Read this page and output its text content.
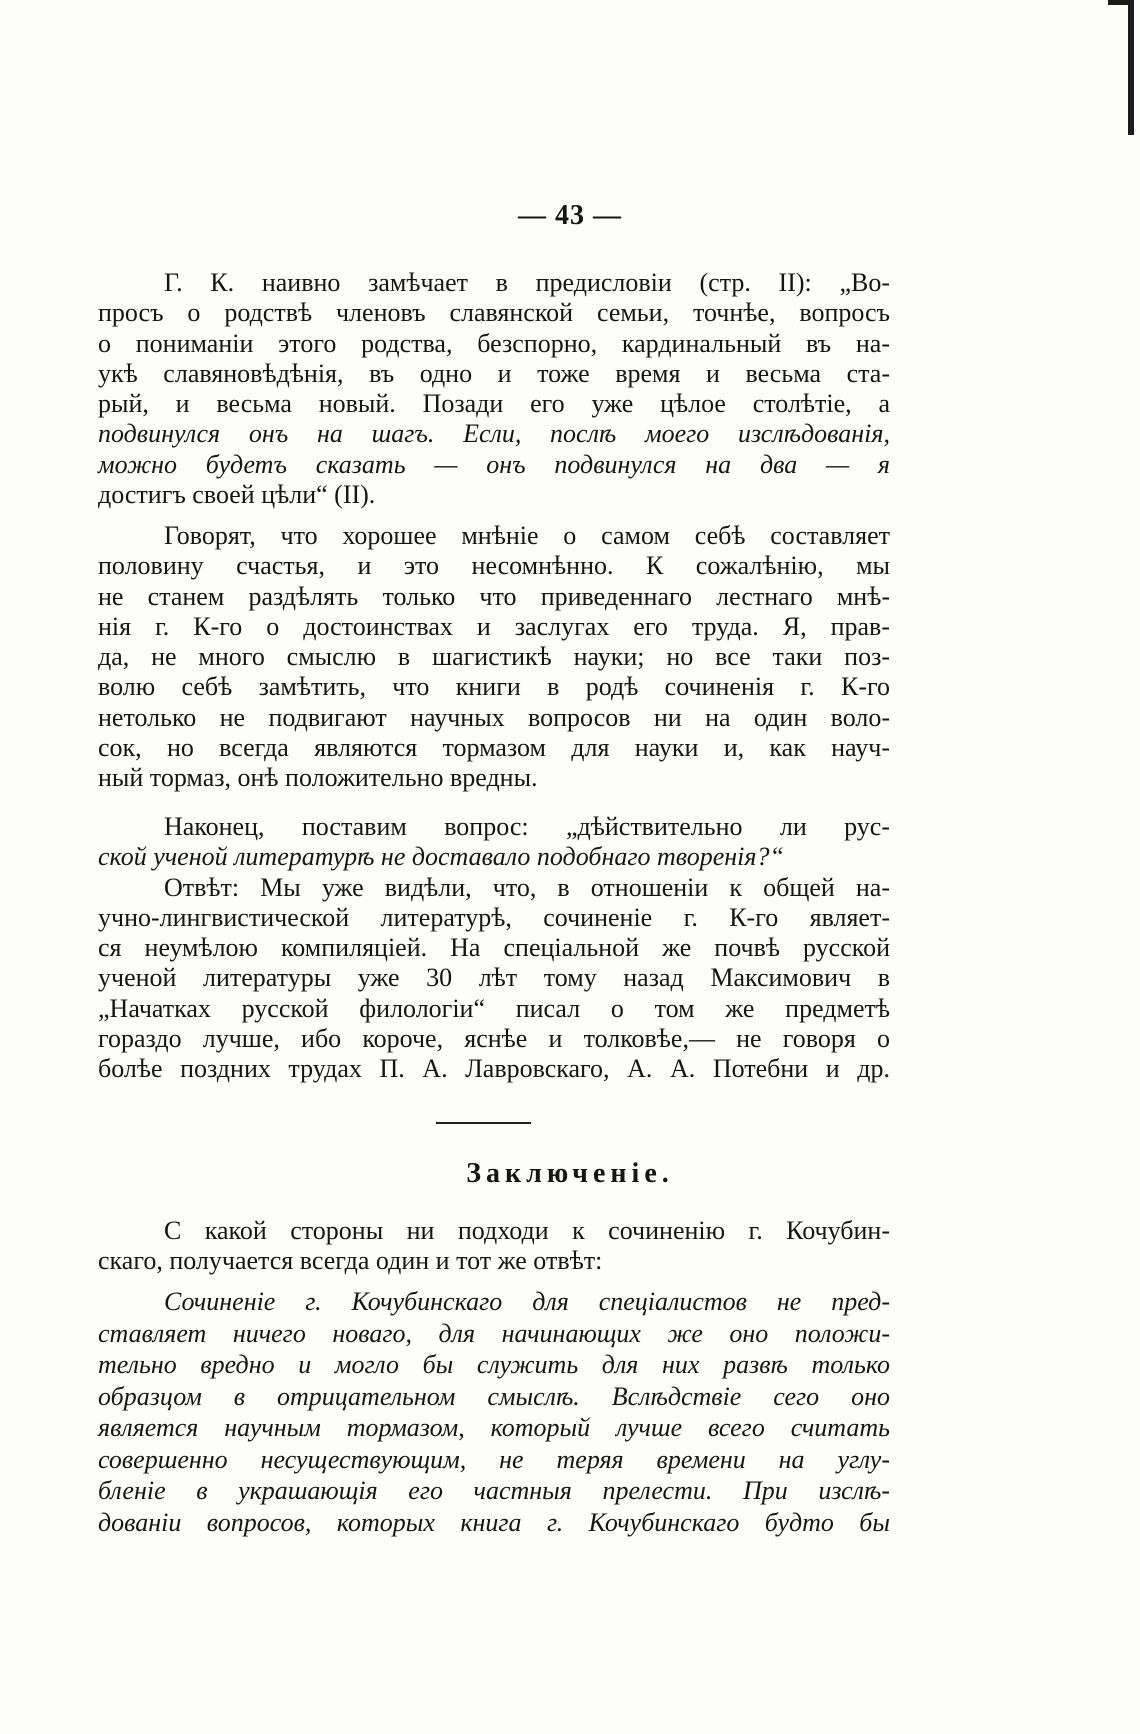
— 43 —
Г. К. наивно замѣчает в предисловіи (стр. II): „Во-
просъ о родствѣ членовъ славянской семьи, точнѣе, вопросъ
о пониманіи этого родства, безспорно, кардинальный въ на-
укѣ славяновѣдѣнія, въ одно и тоже время и весьма ста-
рый, и весьма новый. Позади его уже цѣлое столѣтіе, а
подвинулся онъ на шагъ. Если, послѣ моего изслѣдованія,
можно будетъ сказать — онъ подвинулся на два — я
достигъ своей цѣли“ (II).
Говорят, что хорошее мнѣніе о самом себѣ составляет
половину счастья, и это несомнѣнно. К сожалѣнію, мы
не станем раздѣлять только что приведеннаго лестнаго мнѣ-
нія г. К-го о достоинствах и заслугах его труда. Я, прав-
да, не много смыслю в шагистикѣ науки; но все таки поз-
волю себѣ замѣтить, что книги в родѣ сочиненія г. К-го
нетолько не подвигают научных вопросов ни на один воло-
сок, но всегда являются тормазом для науки и, как науч-
ный тормаз, онѣ положительно вредны.
Наконец, поставим вопрос: „дѣйствительно ли рус-
ской ученой литературѣ не доставало подобнаго творенія?“
Отвѣт: Мы уже видѣли, что, в отношеніи к общей на-
учно-лингвистической литературѣ, сочиненіе г. К-го являет-
ся неумѣлою компиляціей. На спеціальной же почвѣ русской
ученой литературы уже 30 лѣт тому назад Максимович в
„Начатках русской филологіи“ писал о том же предметѣ
гораздо лучше, ибо короче, яснѣе и толковѣе,— не говоря о
болѣе поздних трудах П. А. Лавровскаго, А. А. Потебни и др.
Заключеніе.
С какой стороны ни подходи к сочиненію г. Кочубин-
скаго, получается всегда один и тот же отвѣт:
Сочиненіе г. Кочубинскаго для спеціалистов не пред-
ставляет ничего новаго, для начинающих же оно положи-
тельно вредно и могло бы служить для них развѣ только
образцом в отрицательном смыслѣ. Вслѣдствіе сего оно
является научным тормазом, который лучше всего считать
совершенно несуществующим, не теряя времени на углу-
бленіе в украшающія его частныя прелести. При изслѣ-
дованіи вопросов, которых книга г. Кочубинскаго будто бы
